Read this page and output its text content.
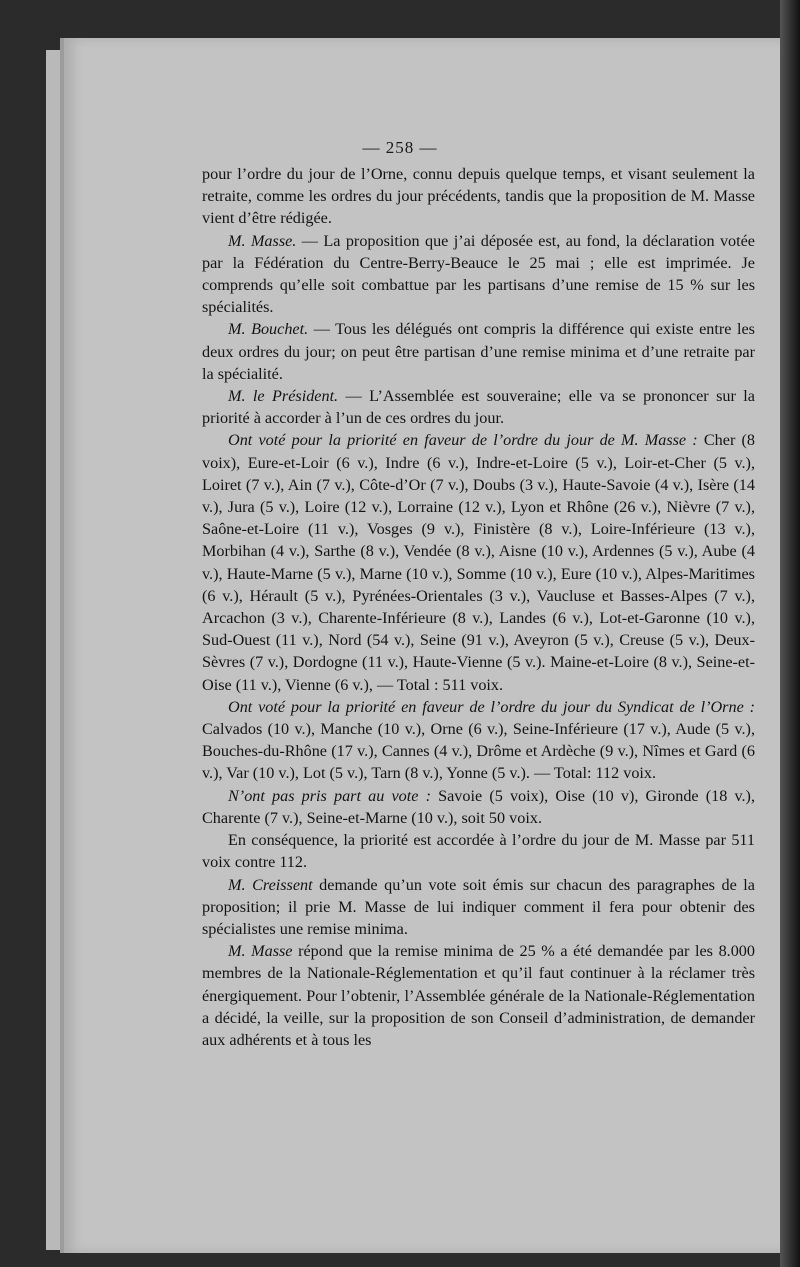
— 258 —

pour l’ordre du jour de l’Orne, connu depuis quelque temps, et visant seulement la retraite, comme les ordres du jour précédents, tandis que la proposition de M. Masse vient d’être rédigée.

M. Masse. — La proposition que j’ai déposée est, au fond, la déclaration votée par la Fédération du Centre-Berry-Beauce le 25 mai ; elle est imprimée. Je comprends qu’elle soit combattue par les partisans d’une remise de 15 % sur les spécialités.

M. Bouchet. — Tous les délégués ont compris la différence qui existe entre les deux ordres du jour; on peut être partisan d’une remise minima et d’une retraite par la spécialité.

M. le Président. — L’Assemblée est souveraine; elle va se prononcer sur la priorité à accorder à l’un de ces ordres du jour.

Ont voté pour la priorité en faveur de l’ordre du jour de M. Masse : Cher (8 voix), Eure-et-Loir (6 v.), Indre (6 v.), Indre-et-Loire (5 v.), Loir-et-Cher (5 v.), Loiret (7 v.), Ain (7 v.), Côte-d’Or (7 v.), Doubs (3 v.), Haute-Savoie (4 v.), Isère (14 v.), Jura (5 v.), Loire (12 v.), Lorraine (12 v.), Lyon et Rhône (26 v.), Nièvre (7 v.), Saône-et-Loire (11 v.), Vosges (9 v.), Finistère (8 v.), Loire-Inférieure (13 v.), Morbihan (4 v.), Sarthe (8 v.), Vendée (8 v.), Aisne (10 v.), Ardennes (5 v.), Aube (4 v.), Haute-Marne (5 v.), Marne (10 v.), Somme (10 v.), Eure (10 v.), Alpes-Maritimes (6 v.), Hérault (5 v.), Pyrénées-Orientales (3 v.), Vaucluse et Basses-Alpes (7 v.), Arcachon (3 v.), Charente-Inférieure (8 v.), Landes (6 v.), Lot-et-Garonne (10 v.), Sud-Ouest (11 v.), Nord (54 v.), Seine (91 v.), Aveyron (5 v.), Creuse (5 v.), Deux-Sèvres (7 v.), Dordogne (11 v.), Haute-Vienne (5 v.). Maine-et-Loire (8 v.), Seine-et-Oise (11 v.), Vienne (6 v.), — Total : 511 voix.

Ont voté pour la priorité en faveur de l’ordre du jour du Syndicat de l’Orne : Calvados (10 v.), Manche (10 v.), Orne (6 v.), Seine-Inférieure (17 v.), Aude (5 v.), Bouches-du-Rhône (17 v.), Cannes (4 v.), Drôme et Ardèche (9 v.), Nîmes et Gard (6 v.), Var (10 v.), Lot (5 v.), Tarn (8 v.), Yonne (5 v.). — Total: 112 voix.

N’ont pas pris part au vote : Savoie (5 voix), Oise (10 v), Gironde (18 v.), Charente (7 v.), Seine-et-Marne (10 v.), soit 50 voix.

En conséquence, la priorité est accordée à l’ordre du jour de M. Masse par 511 voix contre 112.

M. Creissent demande qu’un vote soit émis sur chacun des paragraphes de la proposition; il prie M. Masse de lui indiquer comment il fera pour obtenir des spécialistes une remise minima.

M. Masse répond que la remise minima de 25 % a été demandée par les 8.000 membres de la Nationale-Réglementation et qu’il faut continuer à la réclamer très énergiquement. Pour l’obtenir, l’Assemblée générale de la Nationale-Réglementation a décidé, la veille, sur la proposition de son Conseil d’administration, de demander aux adhérents et à tous les
